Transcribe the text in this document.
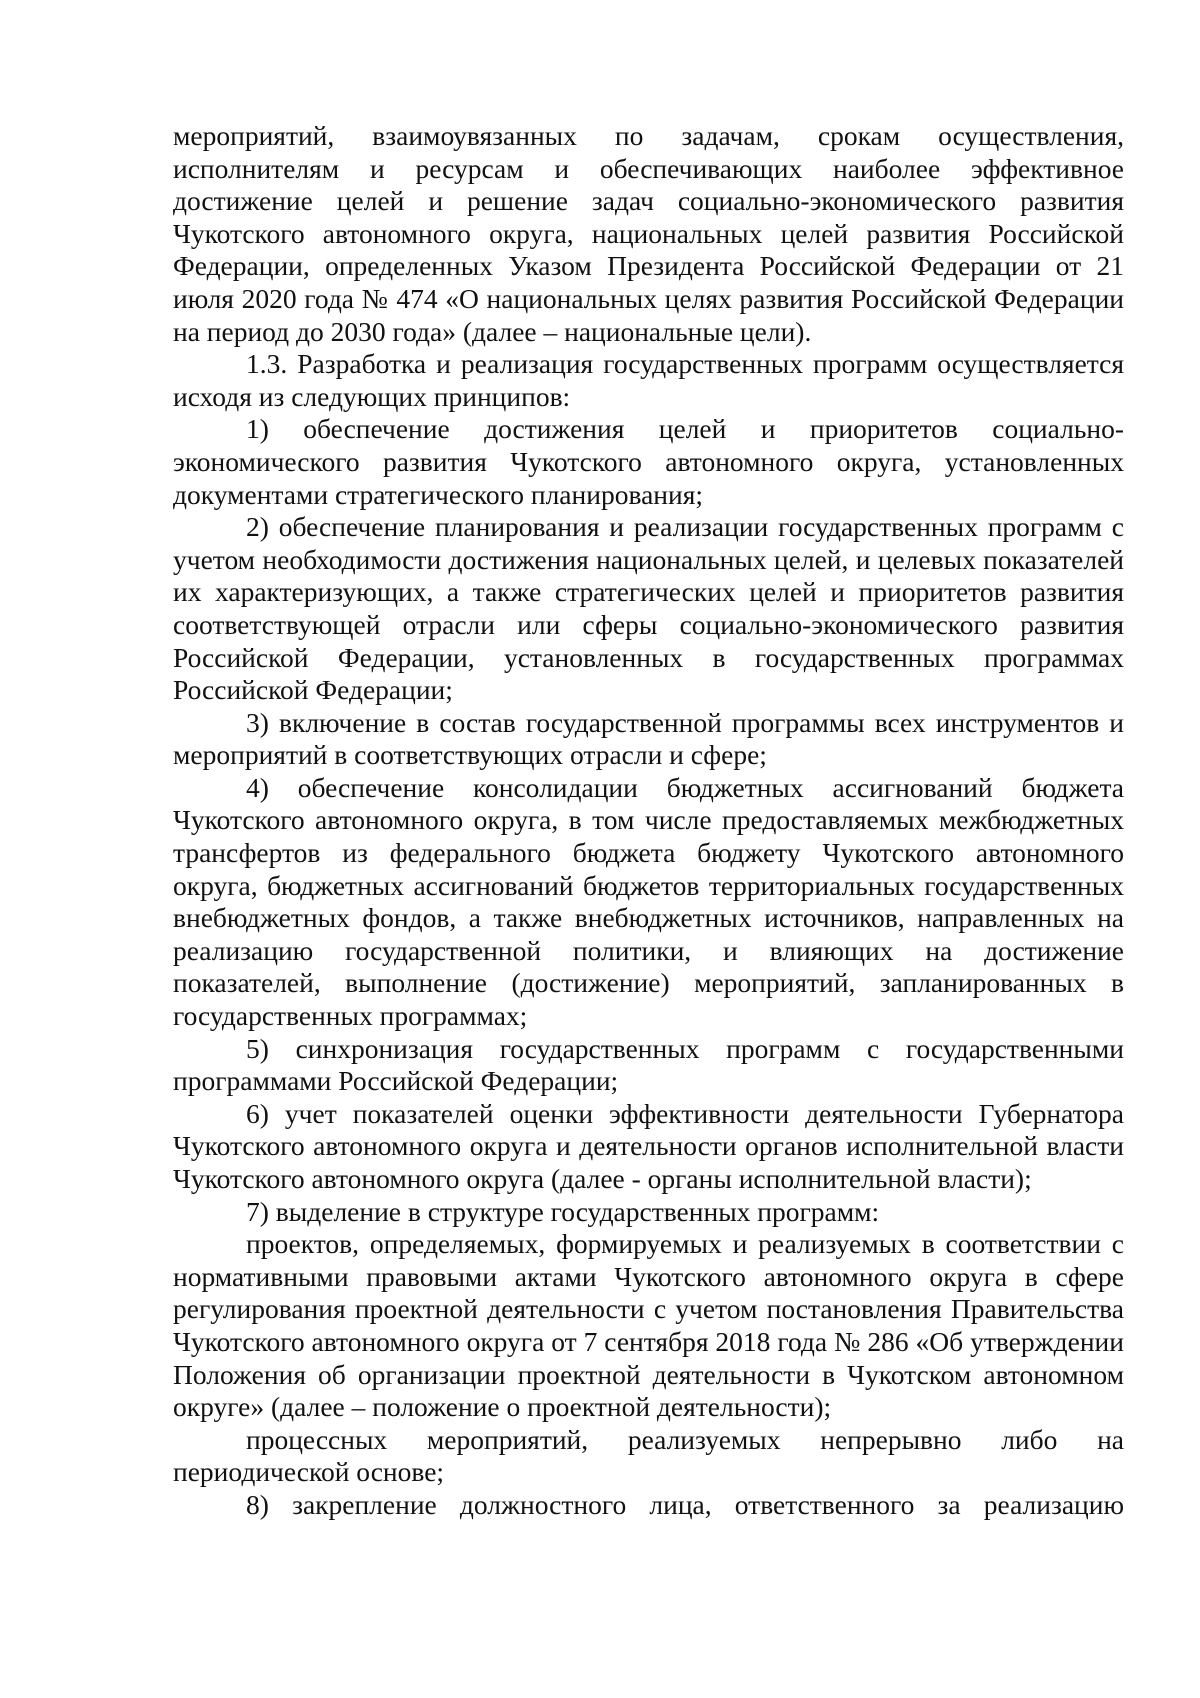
мероприятий, взаимоувязанных по задачам, срокам осуществления, исполнителям и ресурсам и обеспечивающих наиболее эффективное достижение целей и решение задач социально-экономического развития Чукотского автономного округа, национальных целей развития Российской Федерации, определенных Указом Президента Российской Федерации от 21 июля 2020 года № 474 «О национальных целях развития Российской Федерации на период до 2030 года» (далее – национальные цели).

1.3. Разработка и реализация государственных программ осуществляется исходя из следующих принципов:

1) обеспечение достижения целей и приоритетов социально-экономического развития Чукотского автономного округа, установленных документами стратегического планирования;

2) обеспечение планирования и реализации государственных программ с учетом необходимости достижения национальных целей, и целевых показателей их характеризующих, а также стратегических целей и приоритетов развития соответствующей отрасли или сферы социально-экономического развития Российской Федерации, установленных в государственных программах Российской Федерации;

3) включение в состав государственной программы всех инструментов и мероприятий в соответствующих отрасли и сфере;

4) обеспечение консолидации бюджетных ассигнований бюджета Чукотского автономного округа, в том числе предоставляемых межбюджетных трансфертов из федерального бюджета бюджету Чукотского автономного округа, бюджетных ассигнований бюджетов территориальных государственных внебюджетных фондов, а также внебюджетных источников, направленных на реализацию государственной политики, и влияющих на достижение показателей, выполнение (достижение) мероприятий, запланированных в государственных программах;

5) синхронизация государственных программ с государственными программами Российской Федерации;

6) учет показателей оценки эффективности деятельности Губернатора Чукотского автономного округа и деятельности органов исполнительной власти Чукотского автономного округа (далее - органы исполнительной власти);

7) выделение в структуре государственных программ:

проектов, определяемых, формируемых и реализуемых в соответствии с нормативными правовыми актами Чукотского автономного округа в сфере регулирования проектной деятельности с учетом постановления Правительства Чукотского автономного округа от 7 сентября 2018 года № 286 «Об утверждении Положения об организации проектной деятельности в Чукотском автономном округе» (далее – положение о проектной деятельности);

процессных мероприятий, реализуемых непрерывно либо на периодической основе;

8) закрепление должностного лица, ответственного за реализацию
